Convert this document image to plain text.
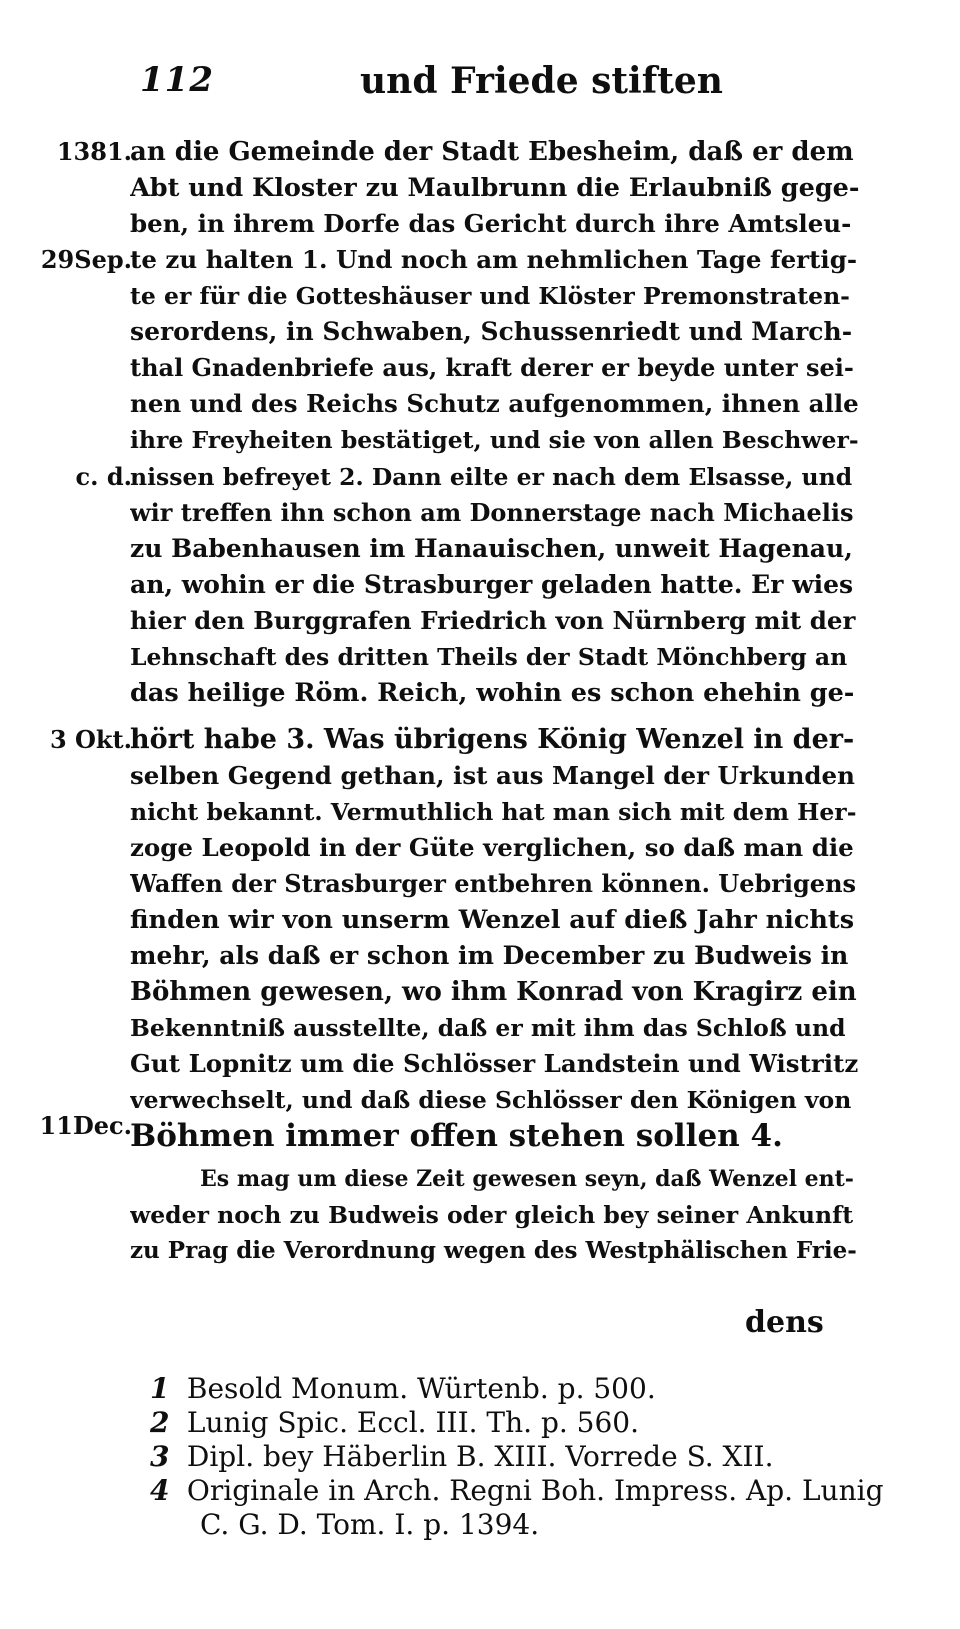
112	und Friede stiften
1381.
29Sep.
c. d.
3 Okt.
11Dec.
an die Gemeinde der Stadt Ebesheim, daß er dem
Abt und Kloster zu Maulbrunn die Erlaubniß gege-
ben, in ihrem Dorfe das Gericht durch ihre Amtsleu-
te zu halten 1. Und noch am nehmlichen Tage fertig-
te er für die Gotteshäuser und Klöster Premonstraten-
serordens, in Schwaben, Schussenriedt und March-
thal Gnadenbriefe aus, kraft derer er beyde unter sei-
nen und des Reichs Schutz aufgenommen, ihnen alle
ihre Freyheiten bestätiget, und sie von allen Beschwer-
nissen befreyet 2. Dann eilte er nach dem Elsasse, und
wir treffen ihn schon am Donnerstage nach Michaelis
zu Babenhausen im Hanauischen, unweit Hagenau,
an, wohin er die Strasburger geladen hatte. Er wies
hier den Burggrafen Friedrich von Nürnberg mit der
Lehnschaft des dritten Theils der Stadt Mönchberg an
das heilige Röm. Reich, wohin es schon ehehin ge-
hört habe 3. Was übrigens König Wenzel in der-
selben Gegend gethan, ist aus Mangel der Urkunden
nicht bekannt. Vermuthlich hat man sich mit dem Her-
zoge Leopold in der Güte verglichen, so daß man die
Waffen der Strasburger entbehren können. Uebrigens
finden wir von unserm Wenzel auf dieß Jahr nichts
mehr, als daß er schon im December zu Budweis in
Böhmen gewesen, wo ihm Konrad von Kragirz ein
Bekenntniß ausstellte, daß er mit ihm das Schloß und
Gut Lopnitz um die Schlösser Landstein und Wistritz
verwechselt, und daß diese Schlösser den Königen von
Böhmen immer offen stehen sollen 4.
Es mag um diese Zeit gewesen seyn, daß Wenzel ent-
weder noch zu Budweis oder gleich bey seiner Ankunft
zu Prag die Verordnung wegen des Westphälischen Frie-
dens
1 Besold Monum. Würtenb. p. 500.
2 Lunig Spic. Eccl. III. Th. p. 560.
3 Dipl. bey Häberlin B. XIII. Vorrede S. XII.
4 Originale in Arch. Regni Boh. Impress. Ap. Lunig
C. G. D. Tom. I. p. 1394.
